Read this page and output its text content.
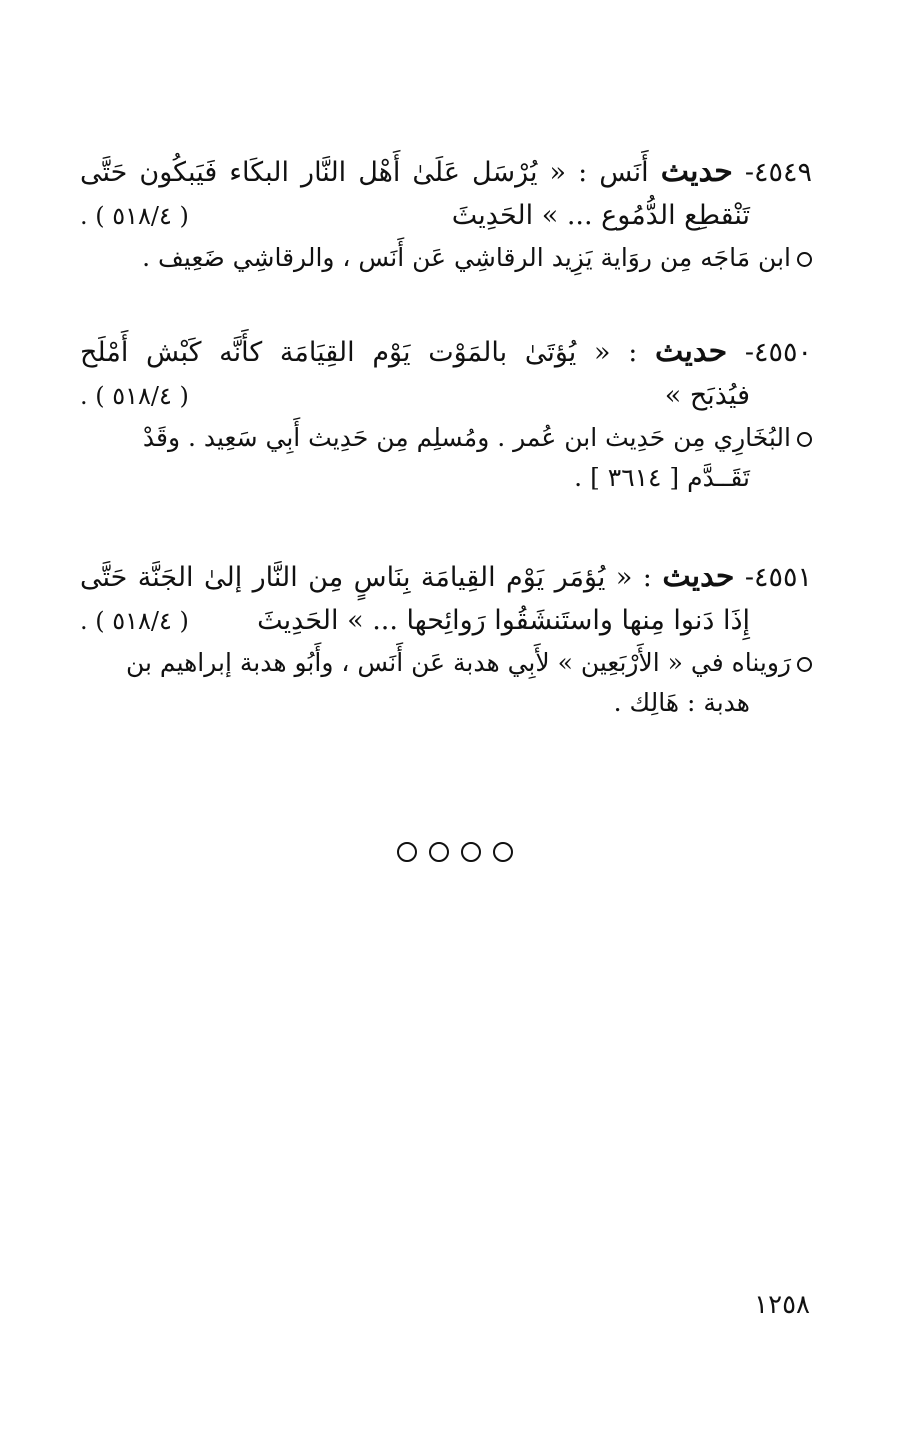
٤٥٤٩- حديث أَنَس : « يُرْسَل عَلَىٰ أَهْل النَّار البكَاء فَيَبكُون حَتَّى
تَنْقطِع الدُّمُوع ... » الحَدِيثَ
( ٥١٨/٤ ) .
ابن مَاجَه مِن روَاية يَزِيد الرقاشِي عَن أَنَس ، والرقاشِي ضَعِيف .
٤٥٥٠- حديث : « يُؤتَىٰ بالمَوْت يَوْم القِيَامَة كأَنَّه كَبْش أَمْلَح
فيُذبَح »
( ٥١٨/٤ ) .
البُخَارِي مِن حَدِيث ابن عُمر . ومُسلِم مِن حَدِيث أَبِي سَعِيد . وقَدْ
تَقَــدَّم [ ٣٦١٤ ] .
٤٥٥١- حديث : « يُؤمَر يَوْم القِيامَة بِنَاسٍ مِن النَّار إلىٰ الجَنَّة حَتَّى
إِذَا دَنوا مِنها واستَنشَقُوا رَوائِحها ... » الحَدِيثَ
( ٥١٨/٤ ) .
رَويناه في « الأَرْبَعِين » لأَبِي هدبة عَن أَنَس ، وأَبُو هدبة إبراهيم بن
هدبة : هَالِك .
١٢٥٨
